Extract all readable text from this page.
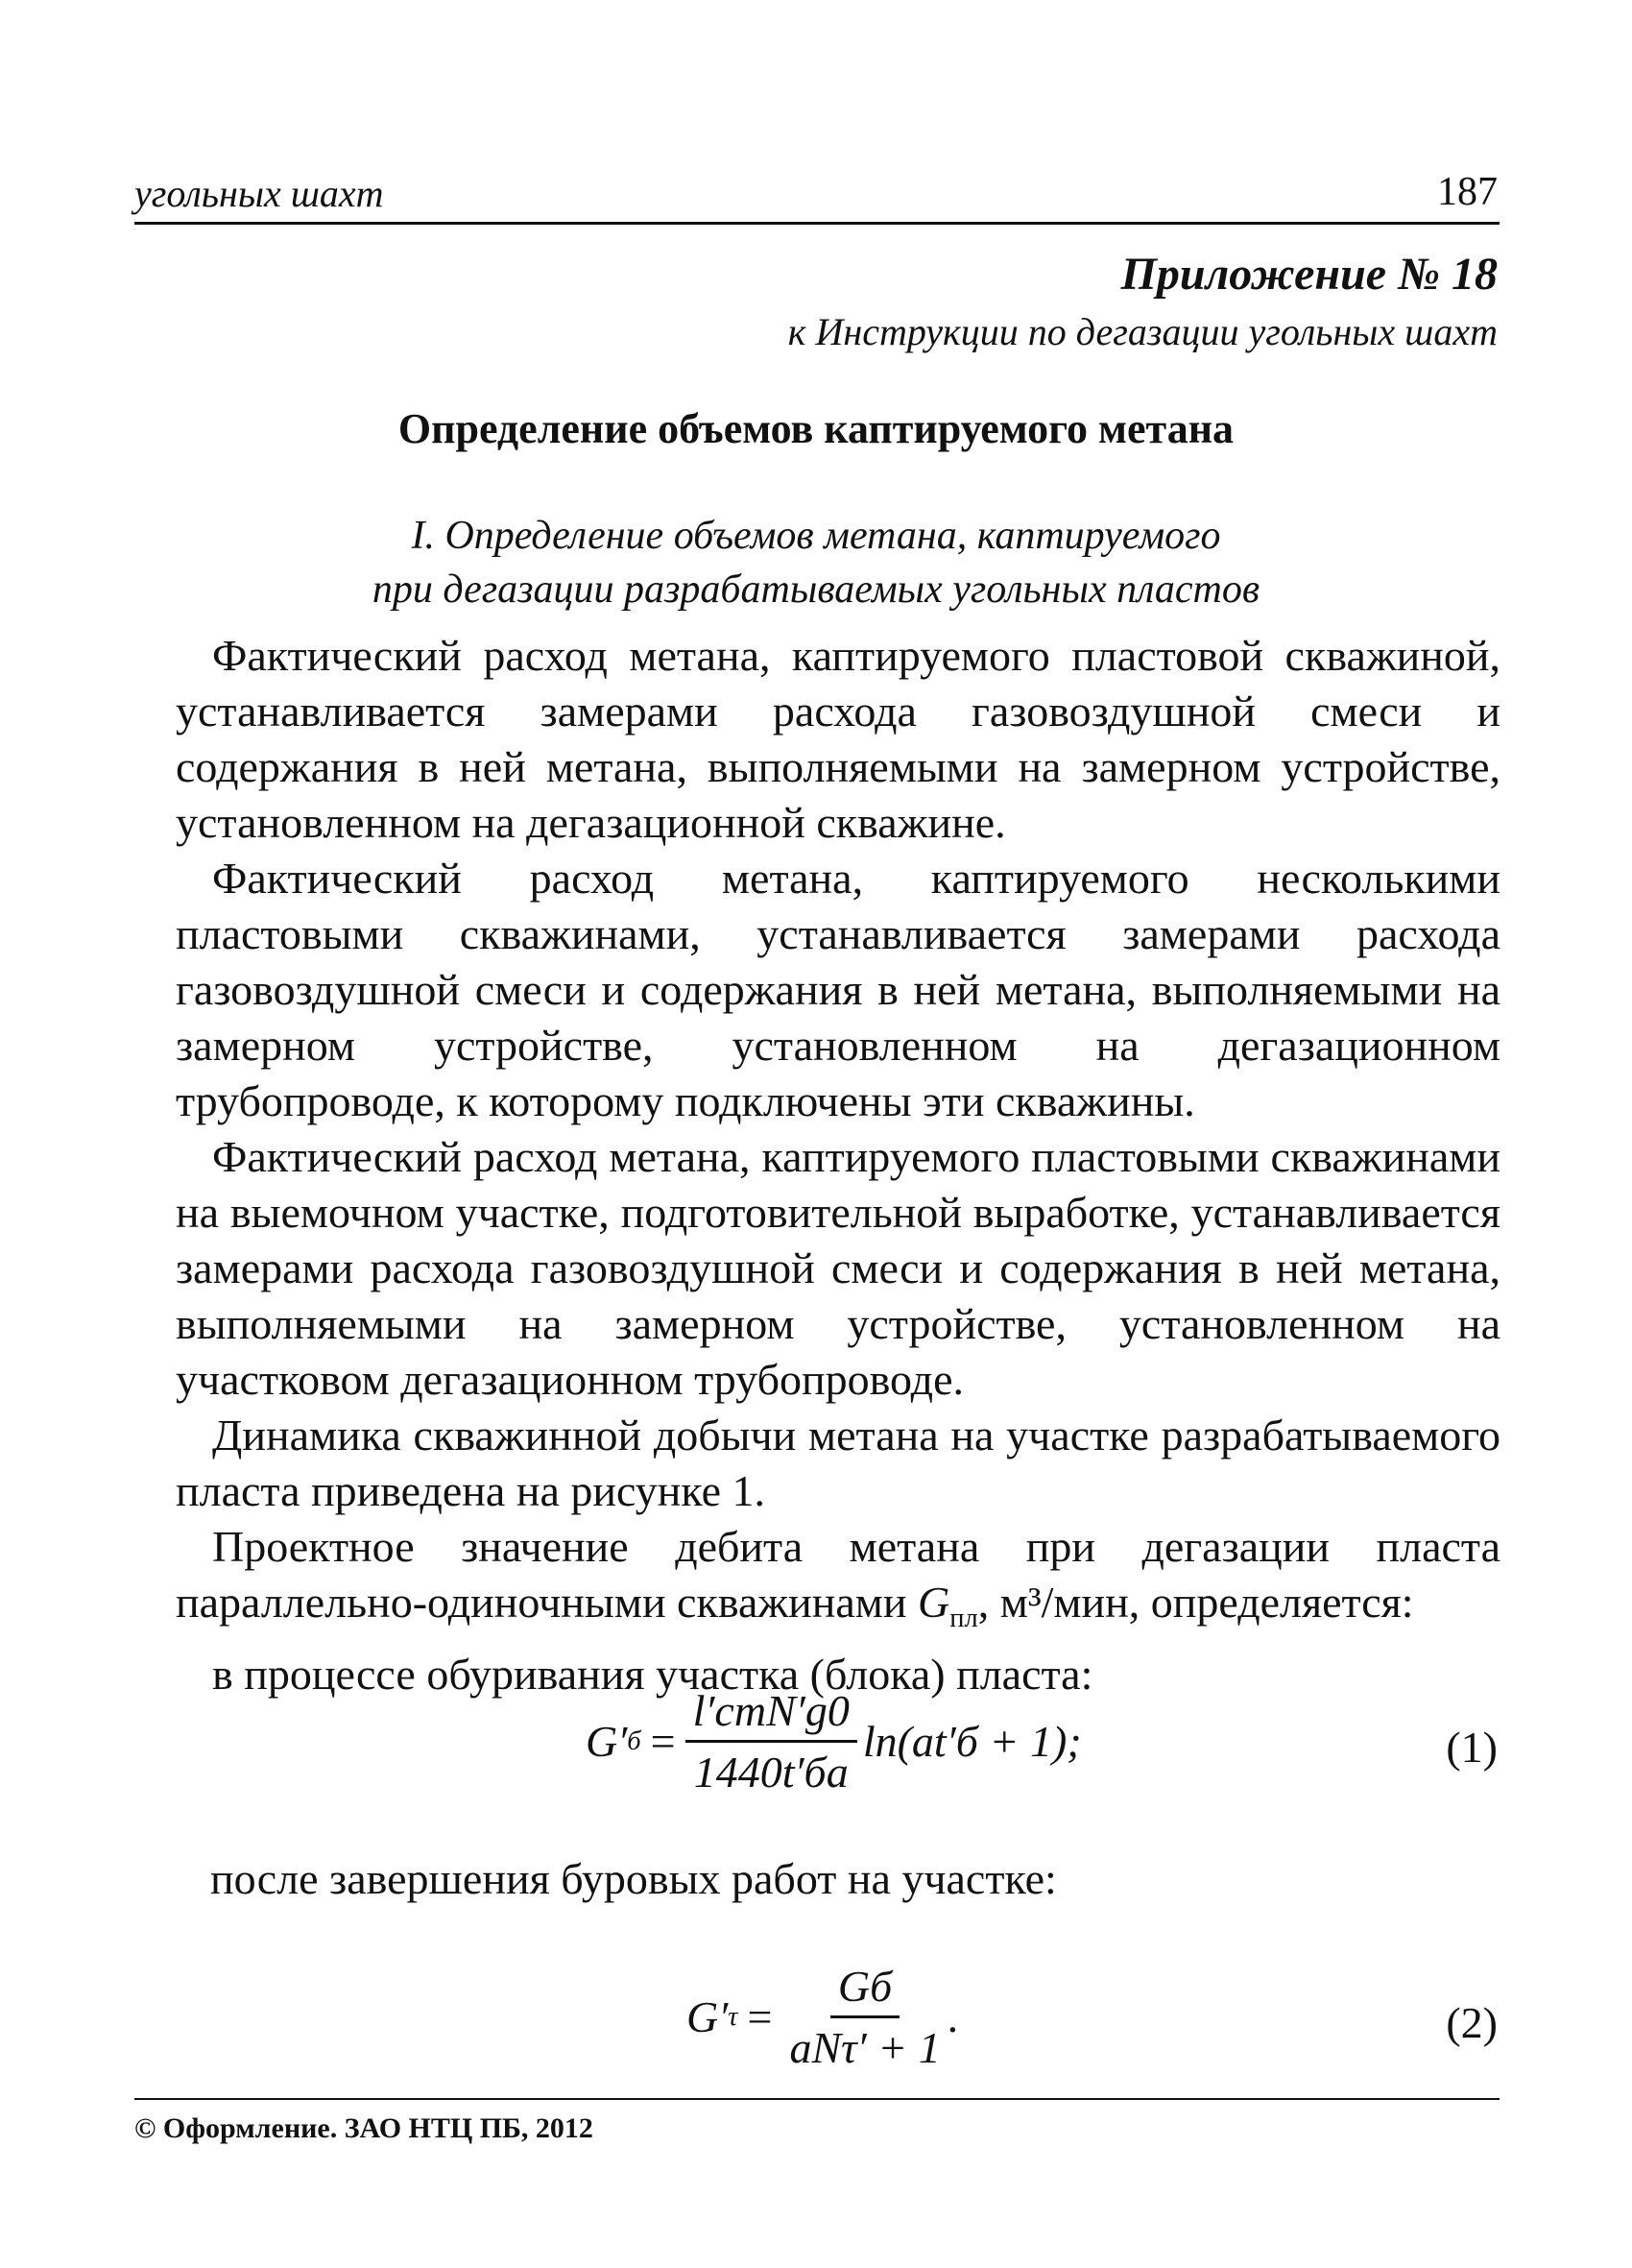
угольных шахт	187
Приложение № 18
к Инструкции по дегазации угольных шахт
Определение объемов каптируемого метана
I. Определение объемов метана, каптируемого
при дегазации разрабатываемых угольных пластов

Фактический расход метана, каптируемого пластовой скважиной, устанавливается замерами расхода газовоздушной смеси и содержания в ней метана, выполняемыми на замерном устройстве, установленном на дегазационной скважине.

Фактический расход метана, каптируемого несколькими пластовыми скважинами, устанавливается замерами расхода газовоздушной смеси и содержания в ней метана, выполняемыми на замерном устройстве, установленном на дегазационном трубопроводе, к которому подключены эти скважины.

Фактический расход метана, каптируемого пластовыми скважинами на выемочном участке, подготовительной выработке, устанавливается замерами расхода газовоздушной смеси и содержания в ней метана, выполняемыми на замерном устройстве, установленном на участковом дегазационном трубопроводе.

Динамика скважинной добычи метана на участке разрабатываемого пласта приведена на рисунке 1.

Проектное значение дебита метана при дегазации пласта параллельно-одиночными скважинами $G_{пл}$, м³/мин, определяется:

в процессе обуривания участка (блока) пласта:

G′ $б = \frac{\text{l′cmN′g0}}{1440t'ба} \ln(at'б + 1)$;	(1)
после завершения буровых работ на участке:
G′ $\tau = \frac{Gб}{\text{aNτ′ + 1}}$ .	(2)
© Оформление. ЗАО НТЦ ПБ, 2012
